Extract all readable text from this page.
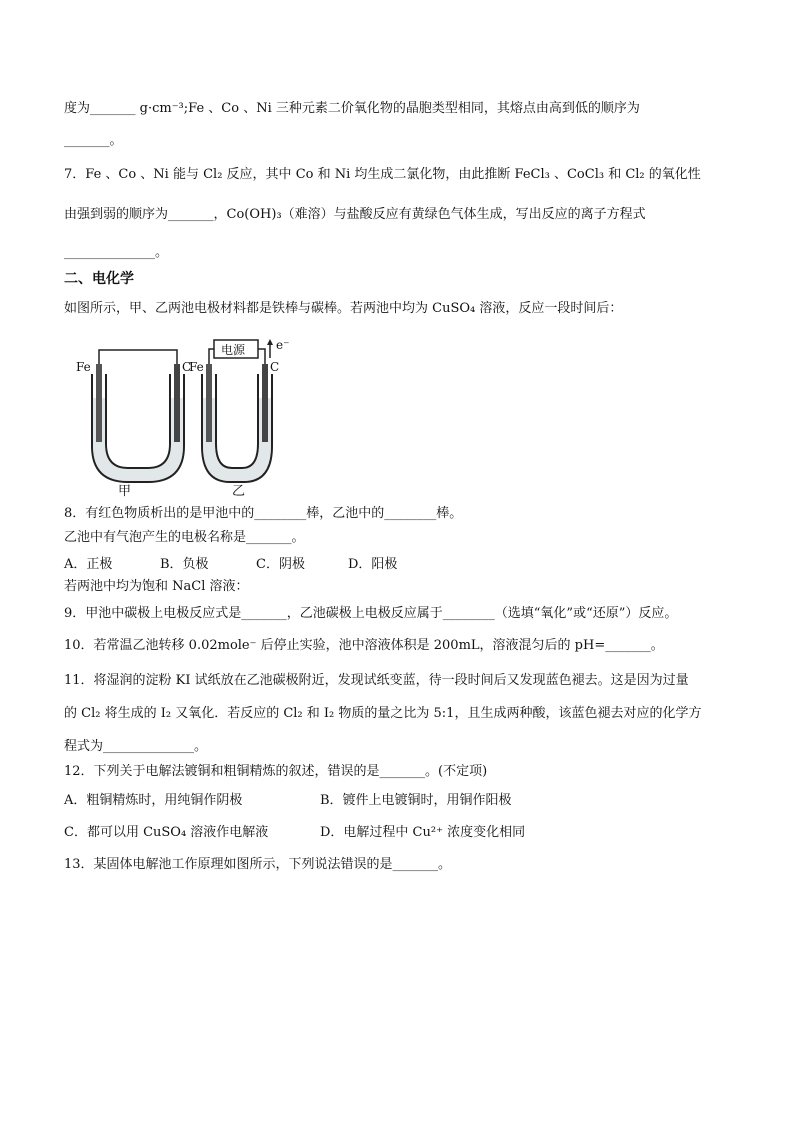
度为_______ g·cm⁻³;Fe 、Co 、Ni 三种元素二价氧化物的晶胞类型相同，其熔点由高到低的顺序为
_______。
7．Fe 、Co 、Ni 能与 Cl₂ 反应，其中 Co 和 Ni 均生成二氯化物，由此推断 FeCl₃ 、CoCl₃ 和 Cl₂ 的氧化性
由强到弱的顺序为_______，Co(OH)₃（难溶）与盐酸反应有黄绿色气体生成，写出反应的离子方程式
______________。
二、电化学
如图所示，甲、乙两池电极材料都是铁棒与碳棒。若两池中均为 CuSO₄ 溶液，反应一段时间后：
Fe	C
Fe	C
电源	e⁻
甲	乙
8．有红色物质析出的是甲池中的________棒，乙池中的________棒。
乙池中有气泡产生的电极名称是_______。
A．正极	B．负极	C．阴极	D．阳极
若两池中均为饱和 NaCl 溶液：
9．甲池中碳极上电极反应式是_______，乙池碳极上电极反应属于________（选填“氧化”或“还原”）反应。
10．若常温乙池转移 0.02mole⁻ 后停止实验，池中溶液体积是 200mL，溶液混匀后的 pH=_______。
11．将湿润的淀粉 KI 试纸放在乙池碳极附近，发现试纸变蓝，待一段时间后又发现蓝色褪去。这是因为过量
的 Cl₂ 将生成的 I₂ 又氧化．若反应的 Cl₂ 和 I₂ 物质的量之比为 5:1，且生成两种酸，该蓝色褪去对应的化学方
程式为______________。
12．下列关于电解法镀铜和粗铜精炼的叙述，错误的是_______。(不定项)
A．粗铜精炼时，用纯铜作阴极	B．镀件上电镀铜时，用铜作阳极
C．都可以用 CuSO₄ 溶液作电解液	D．电解过程中 Cu²⁺ 浓度变化相同
13．某固体电解池工作原理如图所示，下列说法错误的是_______。
